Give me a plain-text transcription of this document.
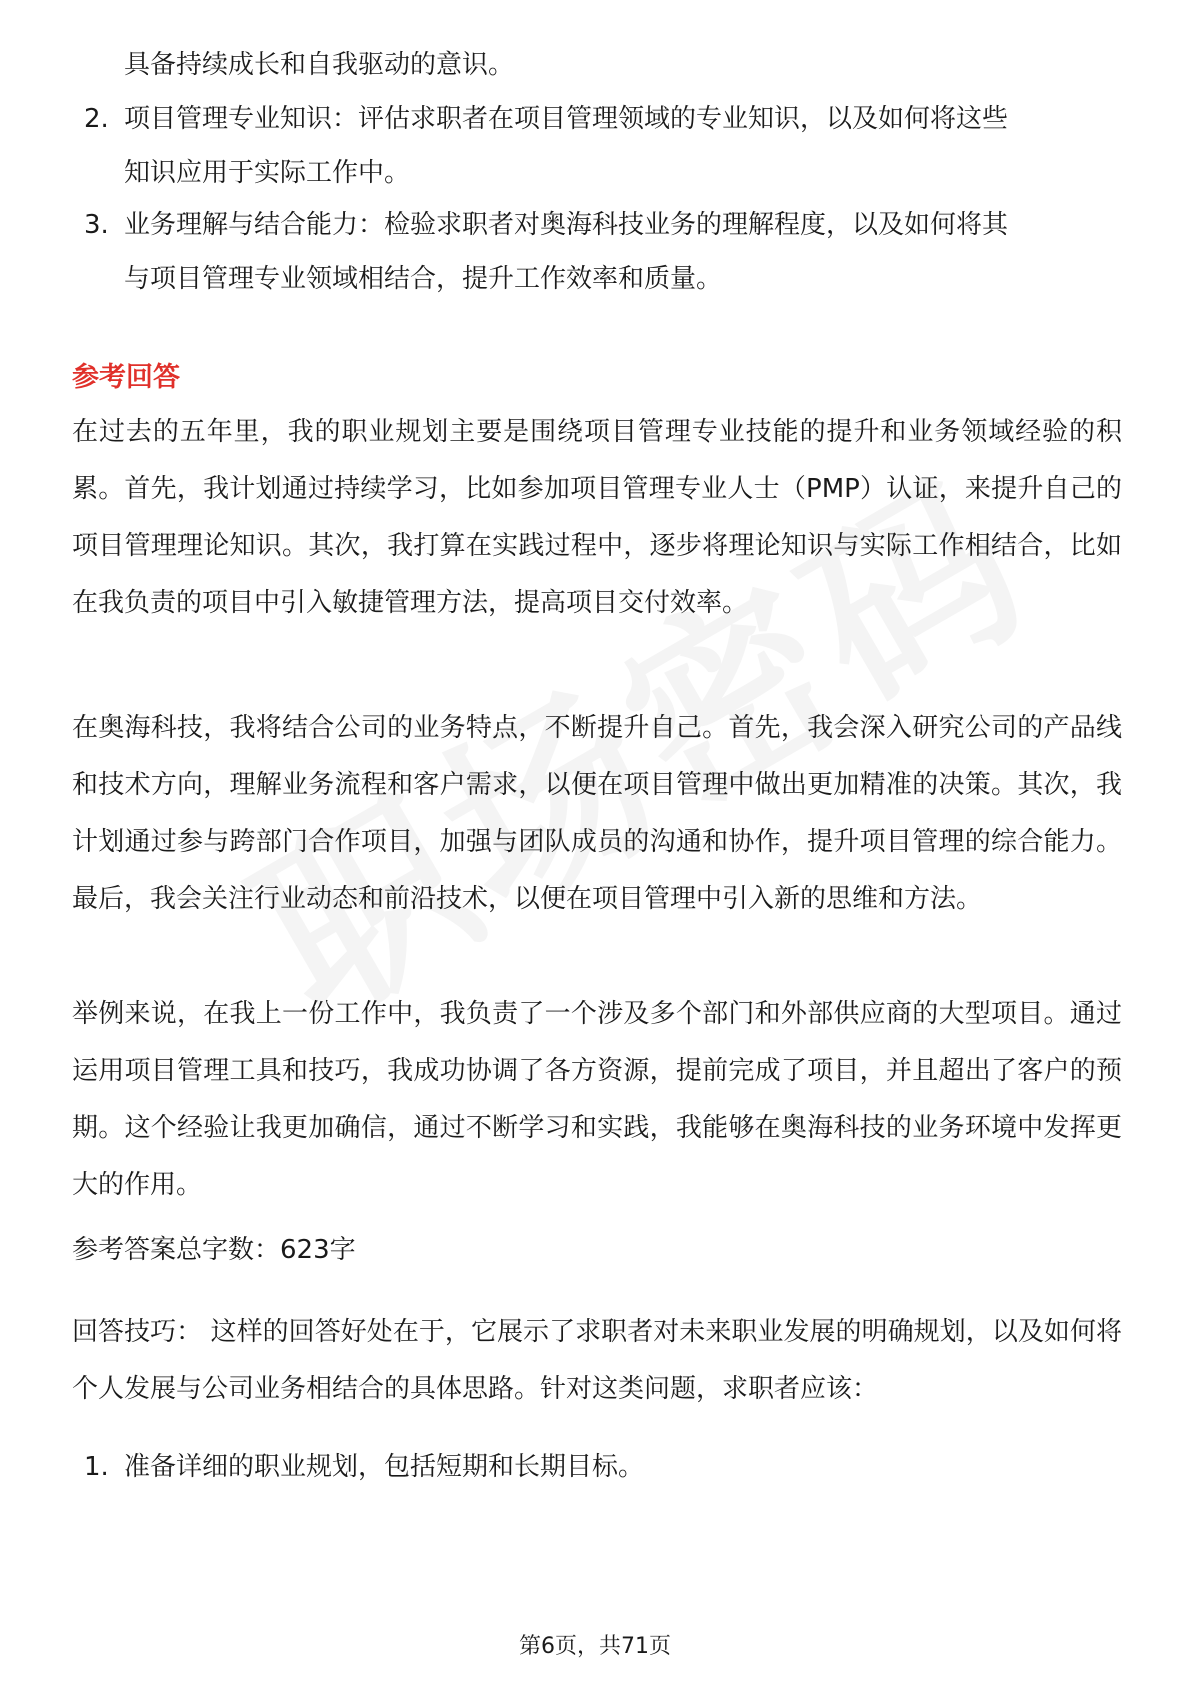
具备持续成长和自我驱动的意识。
2. 项目管理专业知识：评估求职者在项目管理领域的专业知识，以及如何将这些
知识应用于实际工作中。
3. 业务理解与结合能力：检验求职者对奥海科技业务的理解程度，以及如何将其
与项目管理专业领域相结合，提升工作效率和质量。
参考回答
在过去的五年里，我的职业规划主要是围绕项目管理专业技能的提升和业务领域经验的积累。首先，我计划通过持续学习，比如参加项目管理专业人士（PMP）认证，来提升自己的项目管理理论知识。其次，我打算在实践过程中，逐步将理论知识与实际工作相结合，比如在我负责的项目中引入敏捷管理方法，提高项目交付效率。
在奥海科技，我将结合公司的业务特点，不断提升自己。首先，我会深入研究公司的产品线和技术方向，理解业务流程和客户需求，以便在项目管理中做出更加精准的决策。其次，我计划通过参与跨部门合作项目，加强与团队成员的沟通和协作，提升项目管理的综合能力。最后，我会关注行业动态和前沿技术，以便在项目管理中引入新的思维和方法。
举例来说，在我上一份工作中，我负责了一个涉及多个部门和外部供应商的大型项目。通过运用项目管理工具和技巧，我成功协调了各方资源，提前完成了项目，并且超出了客户的预期。这个经验让我更加确信，通过不断学习和实践，我能够在奥海科技的业务环境中发挥更大的作用。
参考答案总字数：623字
回答技巧： 这样的回答好处在于，它展示了求职者对未来职业发展的明确规划，以及如何将个人发展与公司业务相结合的具体思路。针对这类问题，求职者应该：
1. 准备详细的职业规划，包括短期和长期目标。
第6页，共71页
